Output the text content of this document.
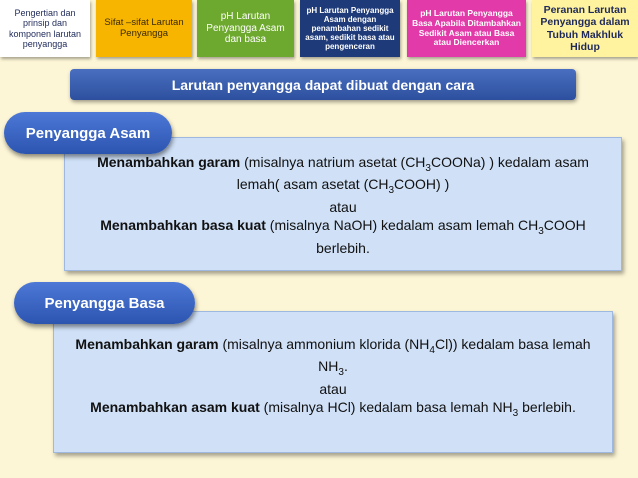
Pengertian dan prinsip dan komponen larutan penyangga
Sifat –sifat Larutan Penyangga
pH Larutan Penyangga Asam dan basa
pH Larutan Penyangga Asam dengan penambahan sedikit asam, sedikit basa atau pengenceran
pH Larutan Penyangga Basa Apabila Ditambahkan Sedikit Asam atau Basa atau Diencerkan
Peranan Larutan Penyangga dalam Tubuh Makhluk Hidup
Larutan penyangga dapat dibuat dengan cara
Penyangga Asam

Menambahkan garam (misalnya natrium asetat $(CH_3COONa)$ ) kedalam asam lemah( asam asetat $(CH_3COOH)$ )

atau

Menambahkan basa kuat (misalnya NaOH) kedalam asam lemah $CH_3COOH$ berlebih.

Penyangga Basa

Menambahkan garam (misalnya ammonium klorida $(NH_4Cl)$) kedalam basa lemah $NH_3$.

atau

Menambahkan asam kuat (misalnya HCl) kedalam basa lemah $NH_3$ berlebih.
